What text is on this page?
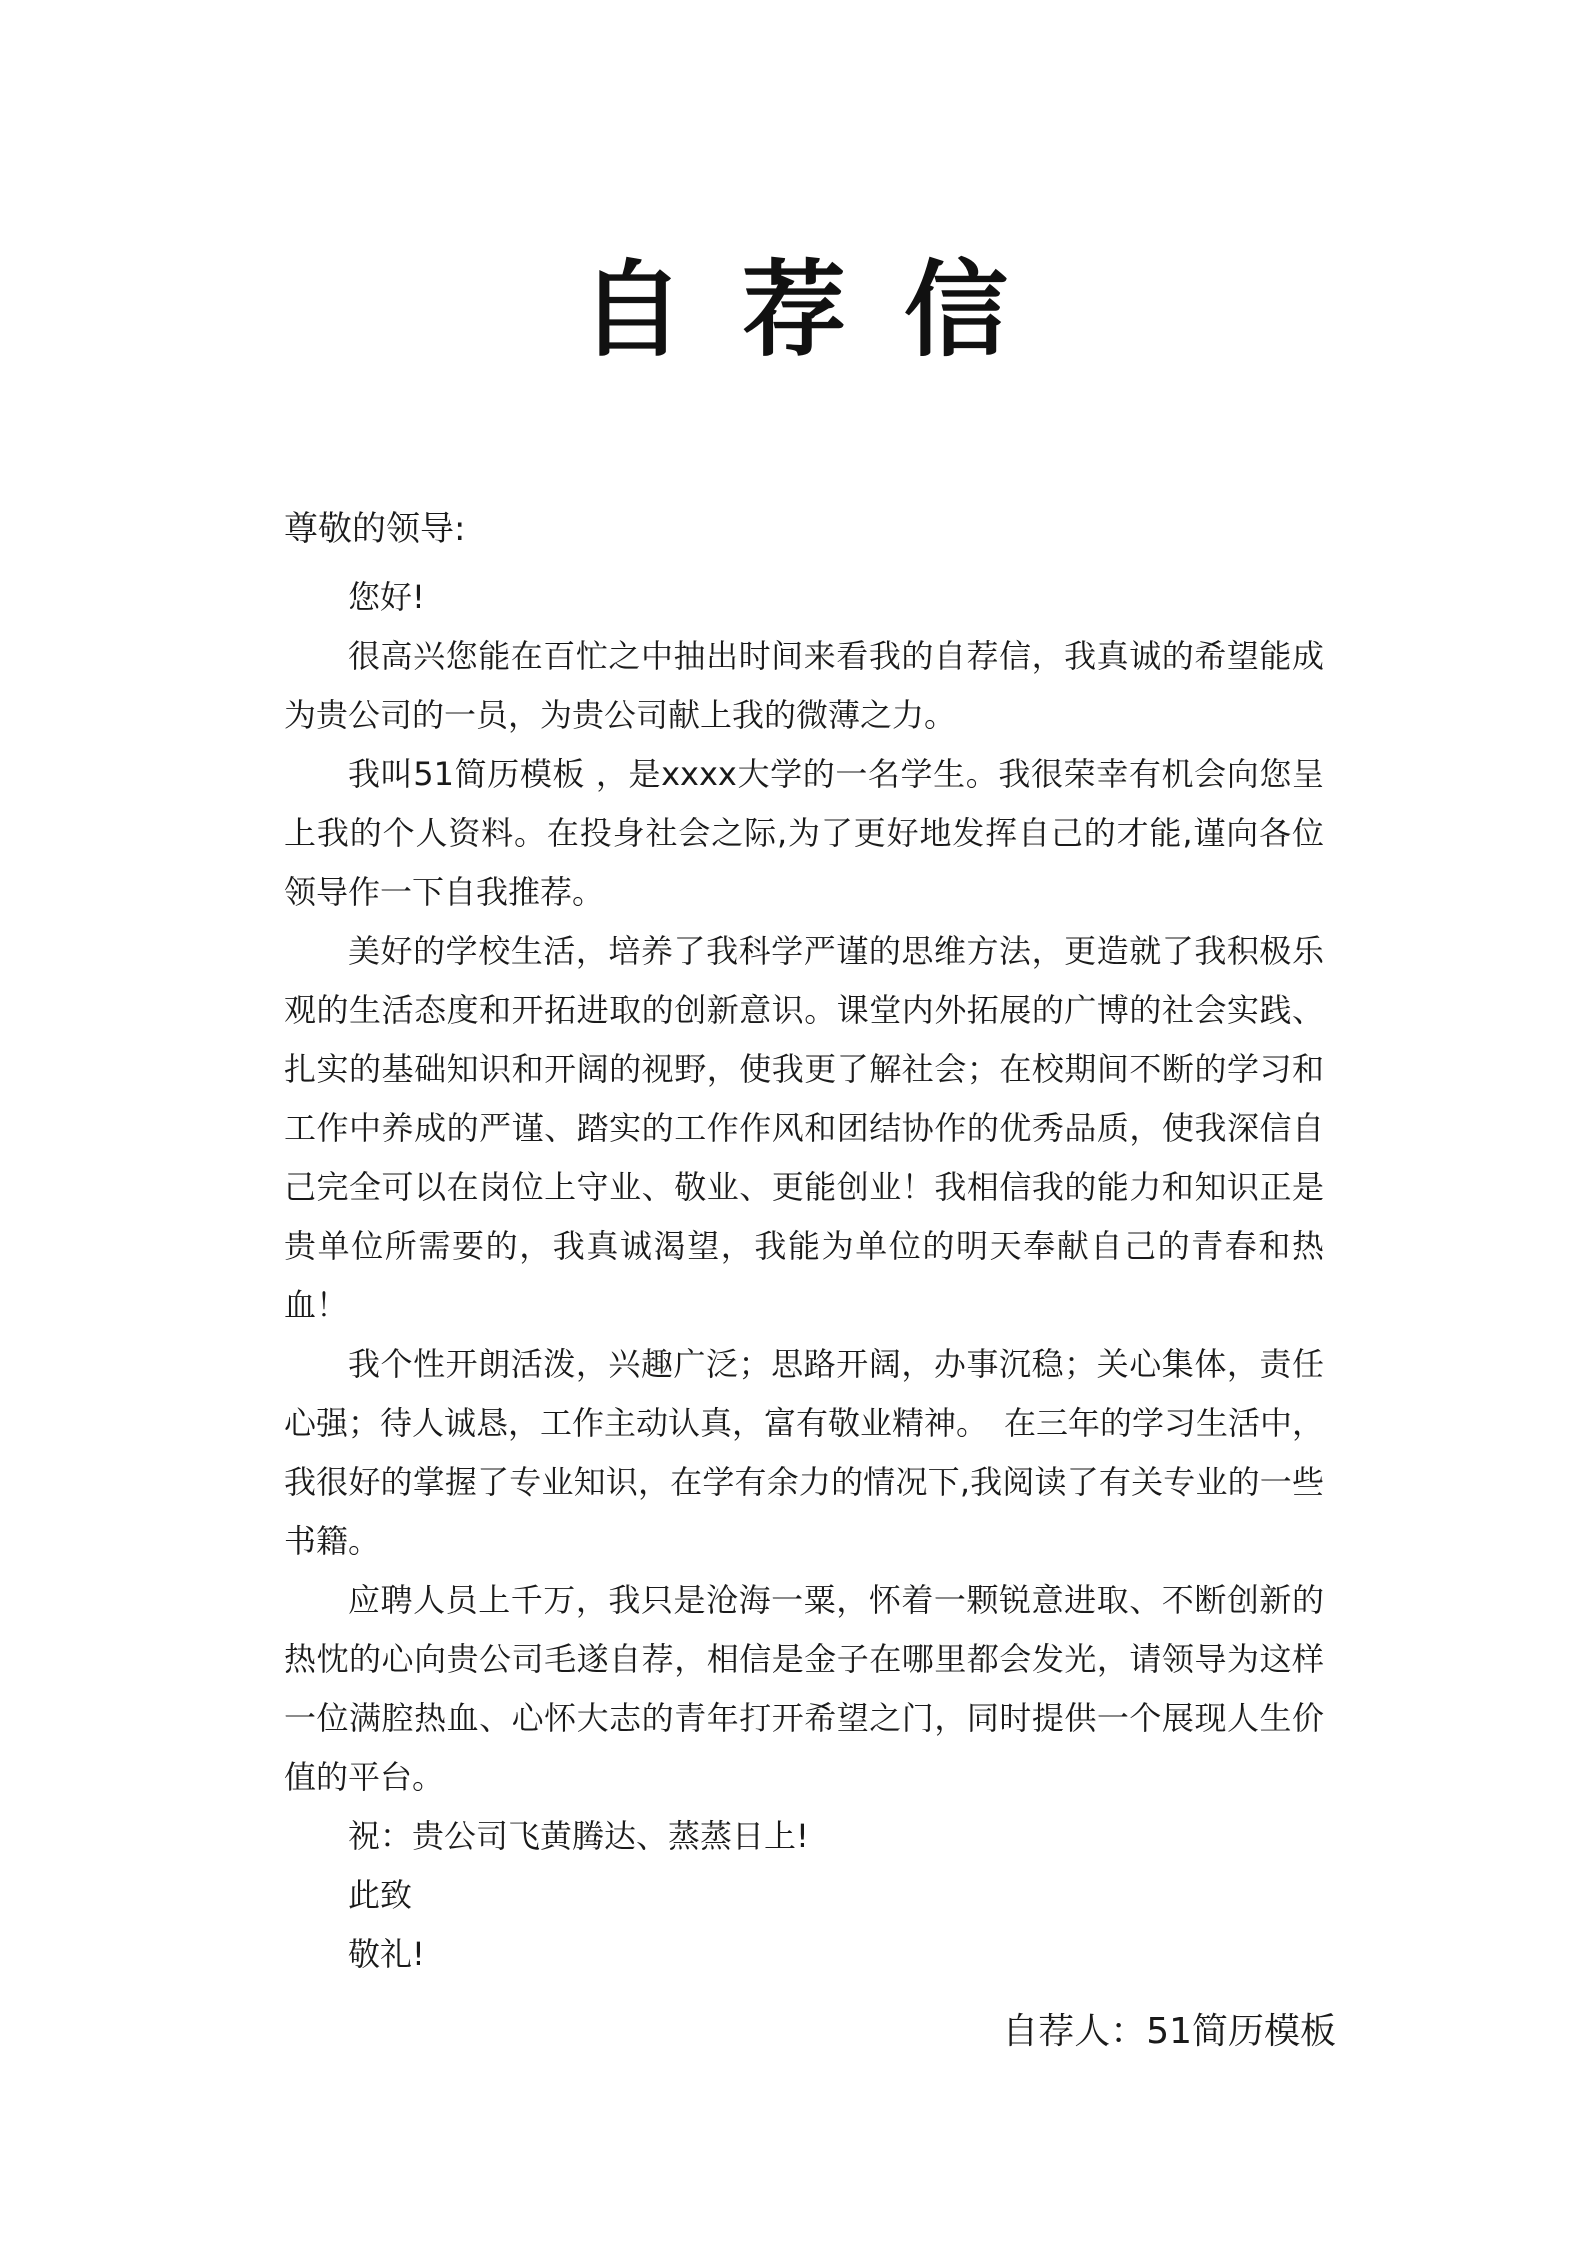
自荐信

尊敬的领导:

您好!

很高兴您能在百忙之中抽出时间来看我的自荐信，我真诚的希望能成为贵公司的一员，为贵公司献上我的微薄之力。

我叫51简历模板 ，是xxxx大学的一名学生。我很荣幸有机会向您呈上我的个人资料。在投身社会之际,为了更好地发挥自己的才能,谨向各位领导作一下自我推荐。

美好的学校生活，培养了我科学严谨的思维方法，更造就了我积极乐观的生活态度和开拓进取的创新意识。课堂内外拓展的广博的社会实践、扎实的基础知识和开阔的视野，使我更了解社会；在校期间不断的学习和工作中养成的严谨、踏实的工作作风和团结协作的优秀品质，使我深信自己完全可以在岗位上守业、敬业、更能创业！我相信我的能力和知识正是贵单位所需要的，我真诚渴望，我能为单位的明天奉献自己的青春和热血！

我个性开朗活泼，兴趣广泛；思路开阔，办事沉稳；关心集体，责任心强；待人诚恳，工作主动认真，富有敬业精神。　在三年的学习生活中，我很好的掌握了专业知识，在学有余力的情况下,我阅读了有关专业的一些书籍。

应聘人员上千万，我只是沧海一粟，怀着一颗锐意进取、不断创新的热忱的心向贵公司毛遂自荐，相信是金子在哪里都会发光，请领导为这样一位满腔热血、心怀大志的青年打开希望之门，同时提供一个展现人生价值的平台。

祝：贵公司飞黄腾达、蒸蒸日上!

此致

敬礼!

自荐人：51简历模板
